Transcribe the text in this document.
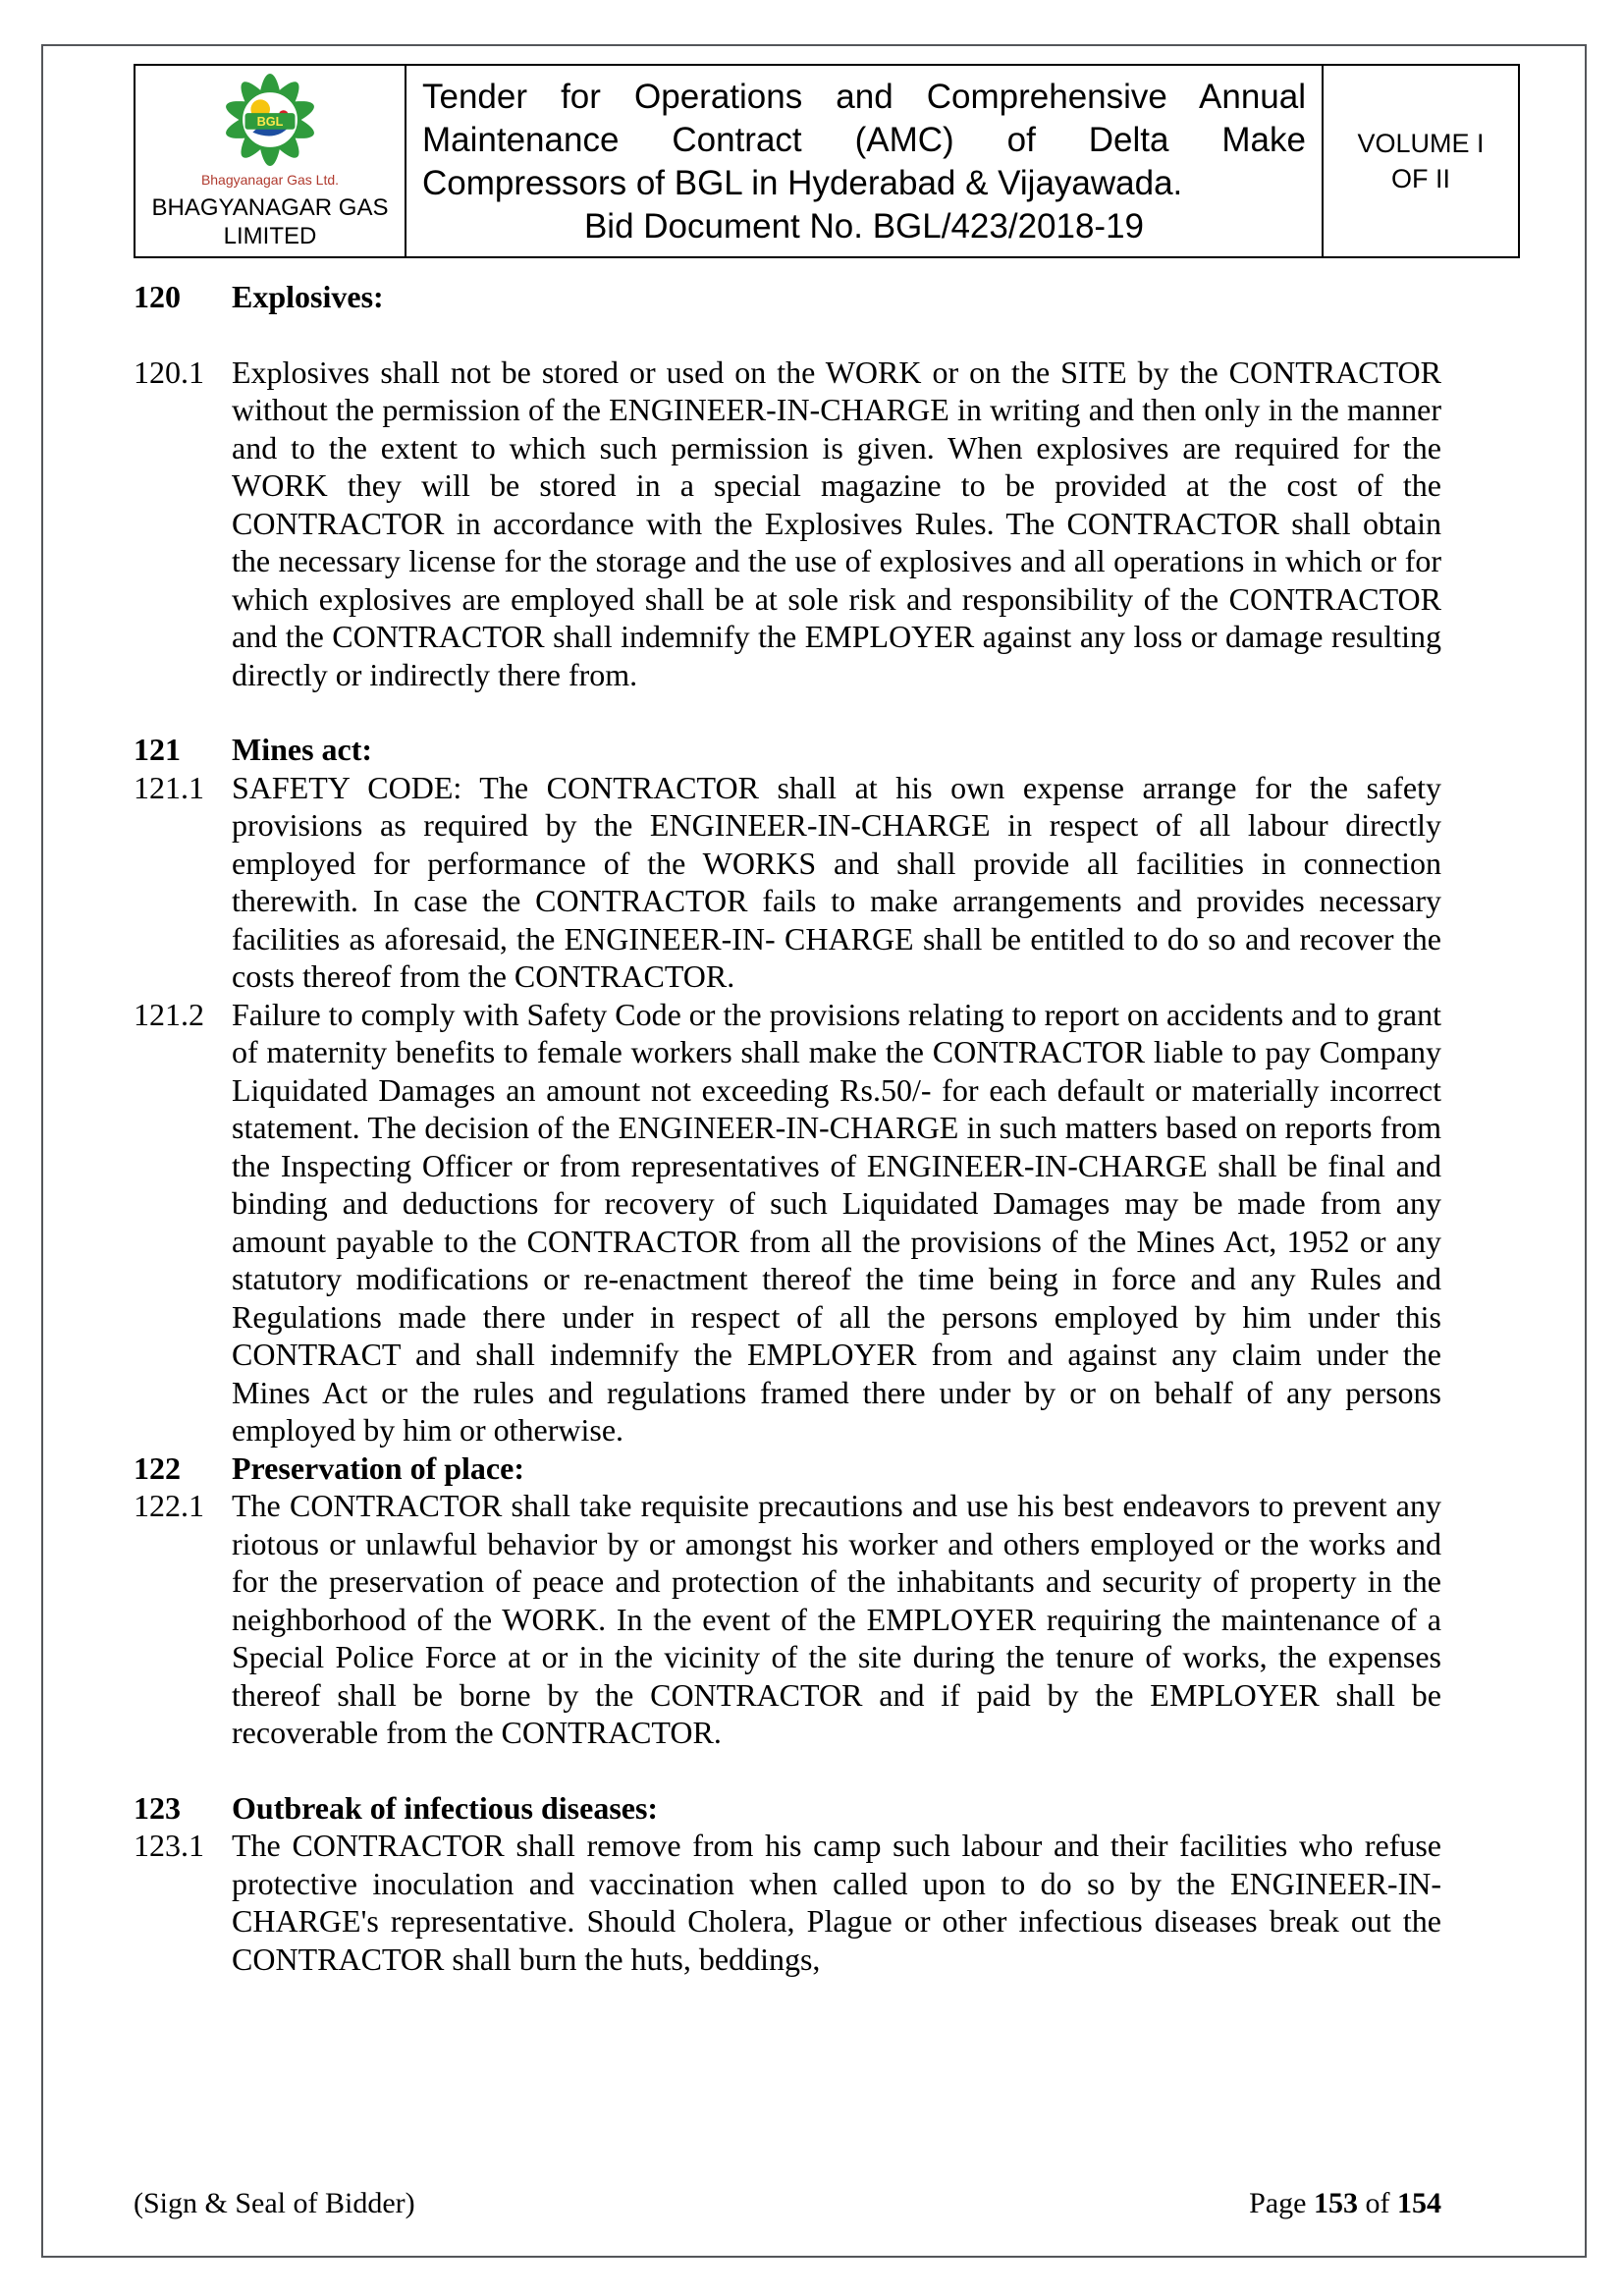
BGL
Bhagyanagar Gas Ltd.
BHAGYANAGAR GAS LIMITED
Tender for Operations and Comprehensive Annual
Maintenance Contract (AMC) of Delta Make
Compressors of BGL in Hyderabad & Vijayawada.
Bid Document No. BGL/423/2018-19
VOLUME I
OF II
120 Explosives:
120.1 Explosives shall not be stored or used on the WORK or on the SITE by the CONTRACTOR without the permission of the ENGINEER-IN-CHARGE in writing and then only in the manner and to the extent to which such permission is given. When explosives are required for the WORK they will be stored in a special magazine to be provided at the cost of the CONTRACTOR in accordance with the Explosives Rules. The CONTRACTOR shall obtain the necessary license for the storage and the use of explosives and all operations in which or for which explosives are employed shall be at sole risk and responsibility of the CONTRACTOR and the CONTRACTOR shall indemnify the EMPLOYER against any loss or damage resulting directly or indirectly there from.
121 Mines act:
121.1 SAFETY CODE: The CONTRACTOR shall at his own expense arrange for the safety provisions as required by the ENGINEER-IN-CHARGE in respect of all labour directly employed for performance of the WORKS and shall provide all facilities in connection therewith. In case the CONTRACTOR fails to make arrangements and provides necessary facilities as aforesaid, the ENGINEER-IN- CHARGE shall be entitled to do so and recover the costs thereof from the CONTRACTOR.
121.2 Failure to comply with Safety Code or the provisions relating to report on accidents and to grant of maternity benefits to female workers shall make the CONTRACTOR liable to pay Company Liquidated Damages an amount not exceeding Rs.50/- for each default or materially incorrect statement. The decision of the ENGINEER-IN-CHARGE in such matters based on reports from the Inspecting Officer or from representatives of ENGINEER-IN-CHARGE shall be final and binding and deductions for recovery of such Liquidated Damages may be made from any amount payable to the CONTRACTOR from all the provisions of the Mines Act, 1952 or any statutory modifications or re-enactment thereof the time being in force and any Rules and Regulations made there under in respect of all the persons employed by him under this CONTRACT and shall indemnify the EMPLOYER from and against any claim under the Mines Act or the rules and regulations framed there under by or on behalf of any persons employed by him or otherwise.
122 Preservation of place:
122.1 The CONTRACTOR shall take requisite precautions and use his best endeavors to prevent any riotous or unlawful behavior by or amongst his worker and others employed or the works and for the preservation of peace and protection of the inhabitants and security of property in the neighborhood of the WORK. In the event of the EMPLOYER requiring the maintenance of a Special Police Force at or in the vicinity of the site during the tenure of works, the expenses thereof shall be borne by the CONTRACTOR and if paid by the EMPLOYER shall be recoverable from the CONTRACTOR.
123 Outbreak of infectious diseases:
123.1 The CONTRACTOR shall remove from his camp such labour and their facilities who refuse protective inoculation and vaccination when called upon to do so by the ENGINEER-IN-CHARGE's representative. Should Cholera, Plague or other infectious diseases break out the CONTRACTOR shall burn the huts, beddings,
(Sign & Seal of Bidder)	Page 153 of 154
